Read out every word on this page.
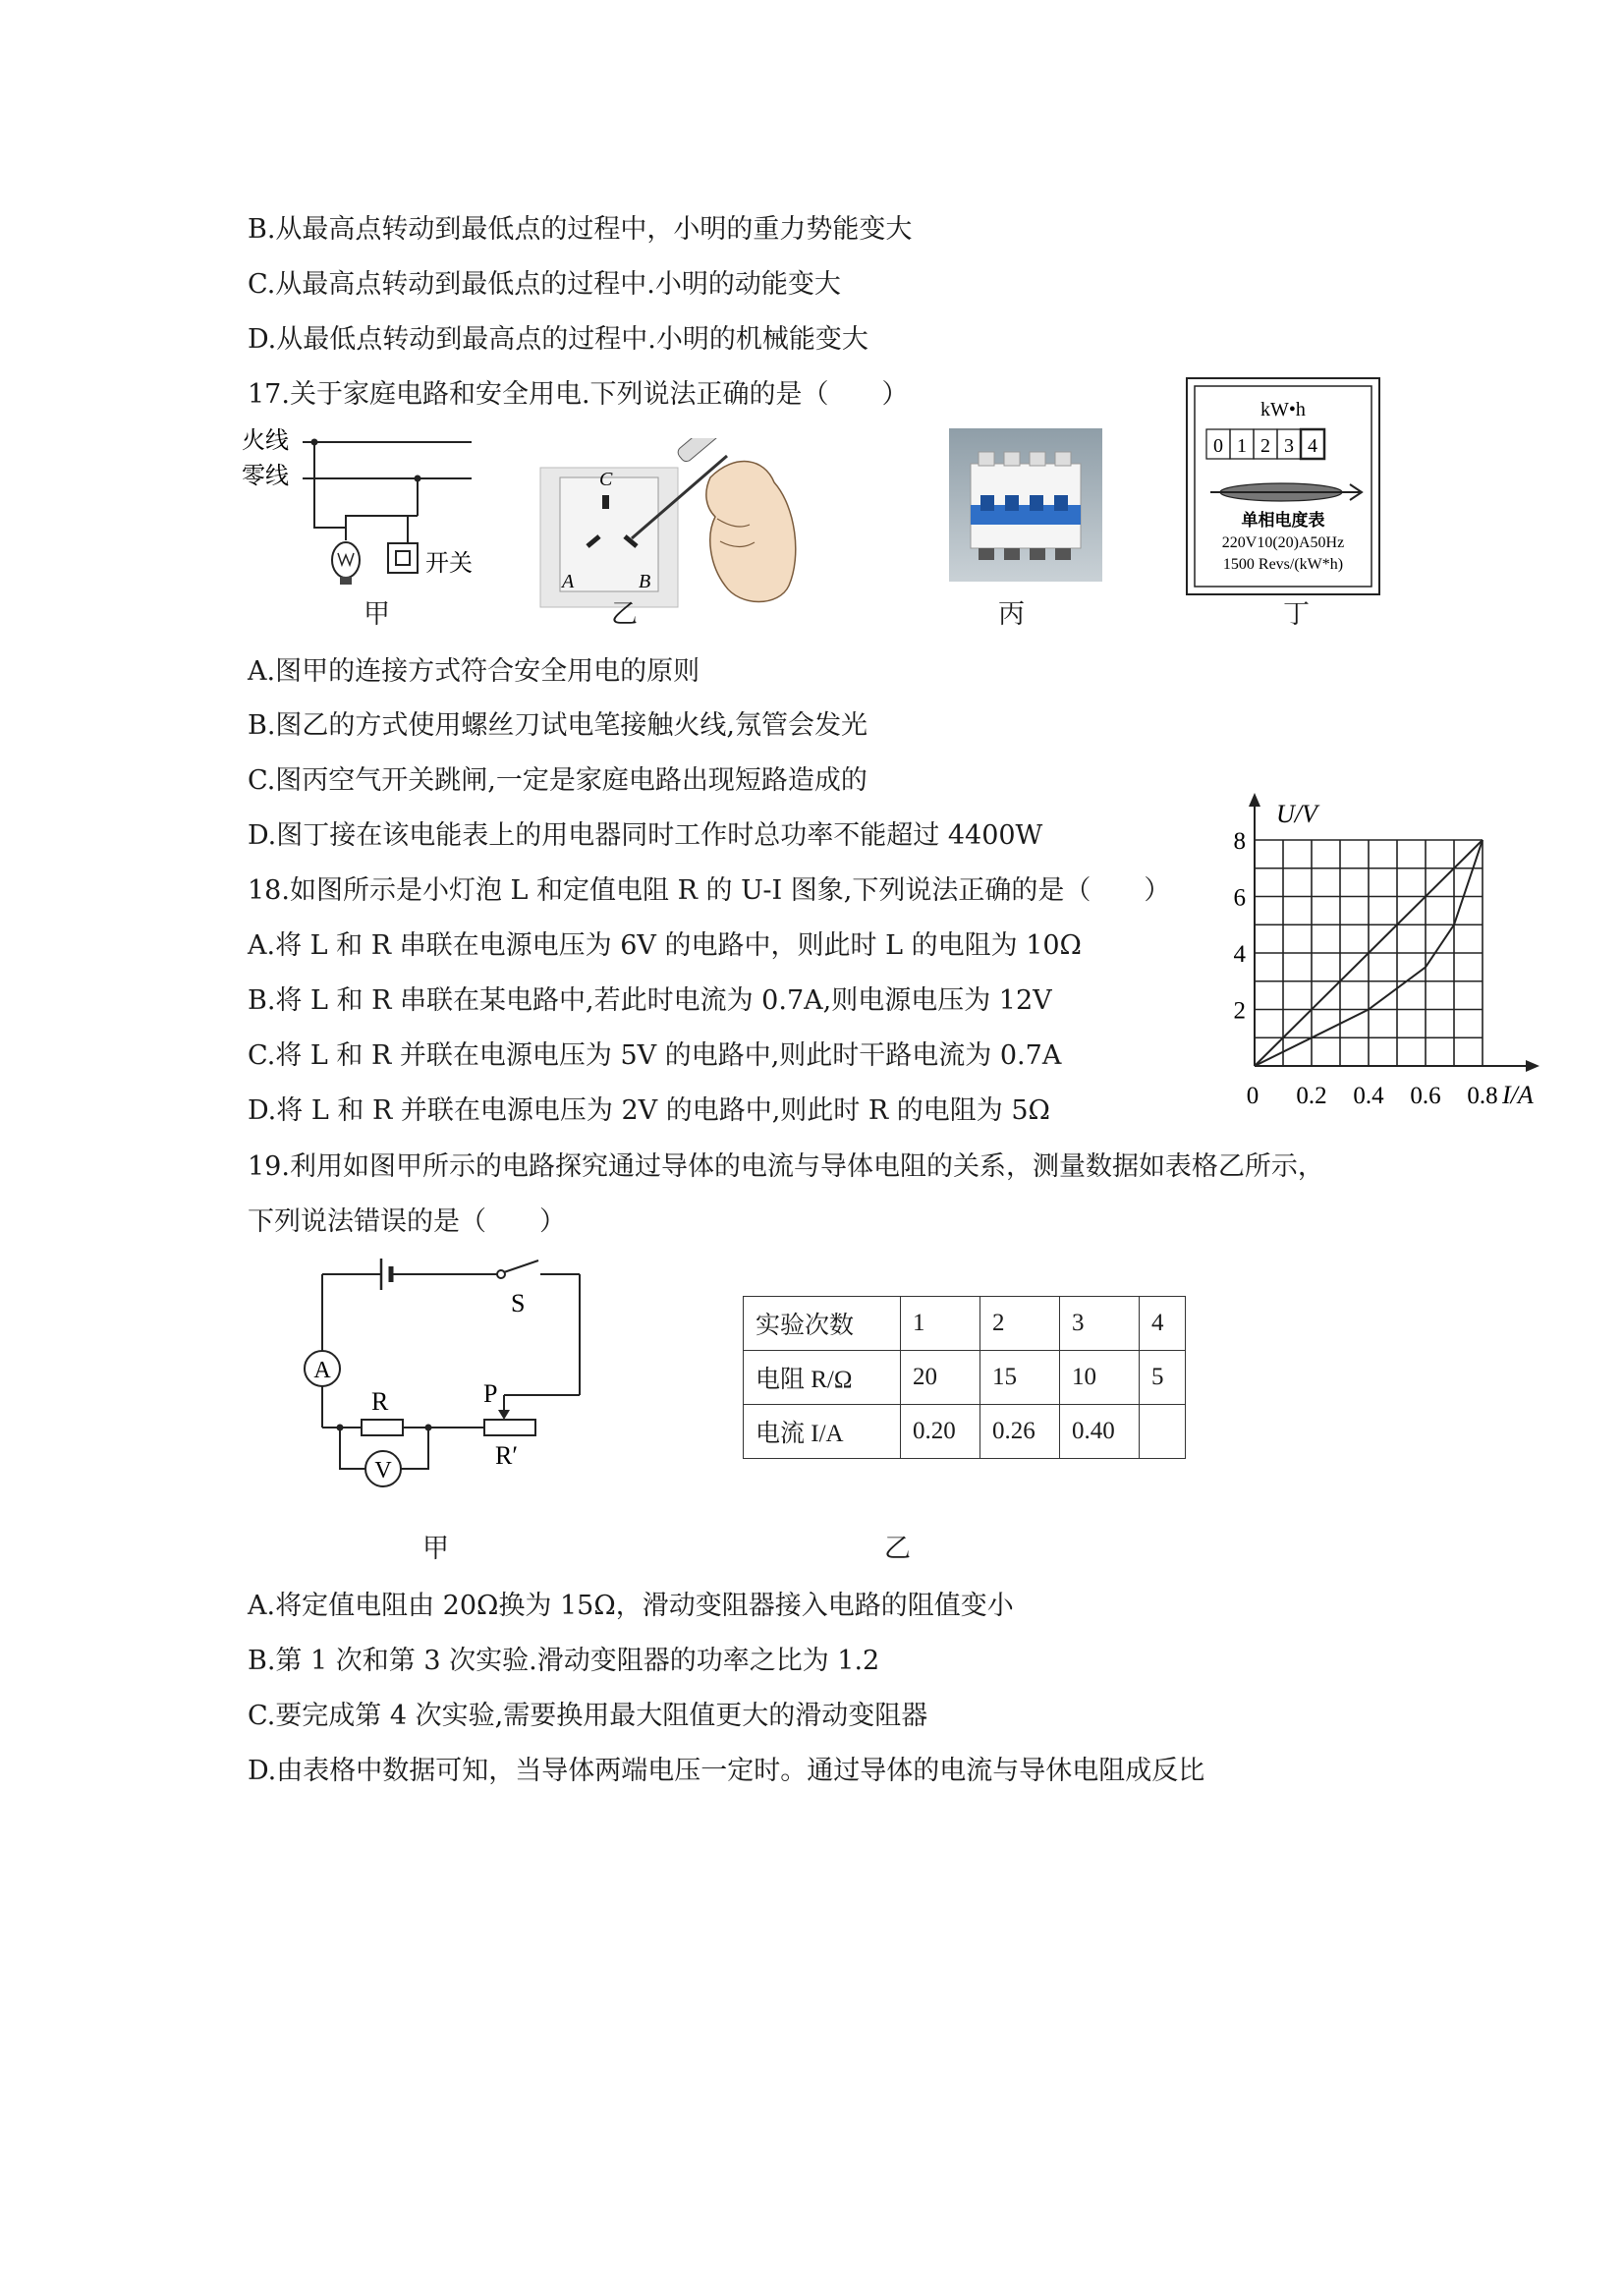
B.从最高点转动到最低点的过程中，小明的重力势能变大
C.从最高点转动到最低点的过程中.小明的动能变大
D.从最低点转动到最高点的过程中.小明的机械能变大
17.关于家庭电路和安全用电.下列说法正确的是（　　）
火线
零线
开关
甲
C
A	B
乙	丙
kW•h
0 1 2 3 4
单相电度表
220V10(20)A50Hz
1500 Revs/(kW*h)
丁
A.图甲的连接方式符合安全用电的原则
B.图乙的方式使用螺丝刀试电笔接触火线,氖管会发光
C.图丙空气开关跳闸,一定是家庭电路出现短路造成的
D.图丁接在该电能表上的用电器同时工作时总功率不能超过 4400W
18.如图所示是小灯泡 L 和定值电阻 R 的 U-I 图象,下列说法正确的是（　　）
A.将 L 和 R 串联在电源电压为 6V 的电路中，则此时 L 的电阻为 10Ω
B.将 L 和 R 串联在某电路中,若此时电流为 0.7A,则电源电压为 12V
C.将 L 和 R 并联在电源电压为 5V 的电路中,则此时干路电流为 0.7A
D.将 L 和 R 并联在电源电压为 2V 的电路中,则此时 R 的电阻为 5Ω	0 0.2 0.4 0.6 0.8
2
4
6
8
U/V
I/A
19.利用如图甲所示的电路探究通过导体的电流与导体电阻的关系，测量数据如表格乙所示，
下列说法错误的是（　　）
S
P
A
R
R′
V
甲
实验次数	1	2	3	4
电阻 R/Ω	20	15	10	5
电流 I/A	0.20	0.26	0.40	
乙
A.将定值电阻由 20Ω换为 15Ω，滑动变阻器接入电路的阻值变小
B.第 1 次和第 3 次实验.滑动变阻器的功率之比为 1.2
C.要完成第 4 次实验,需要换用最大阻值更大的滑动变阻器
D.由表格中数据可知，当导体两端电压一定时。通过导体的电流与导休电阻成反比
